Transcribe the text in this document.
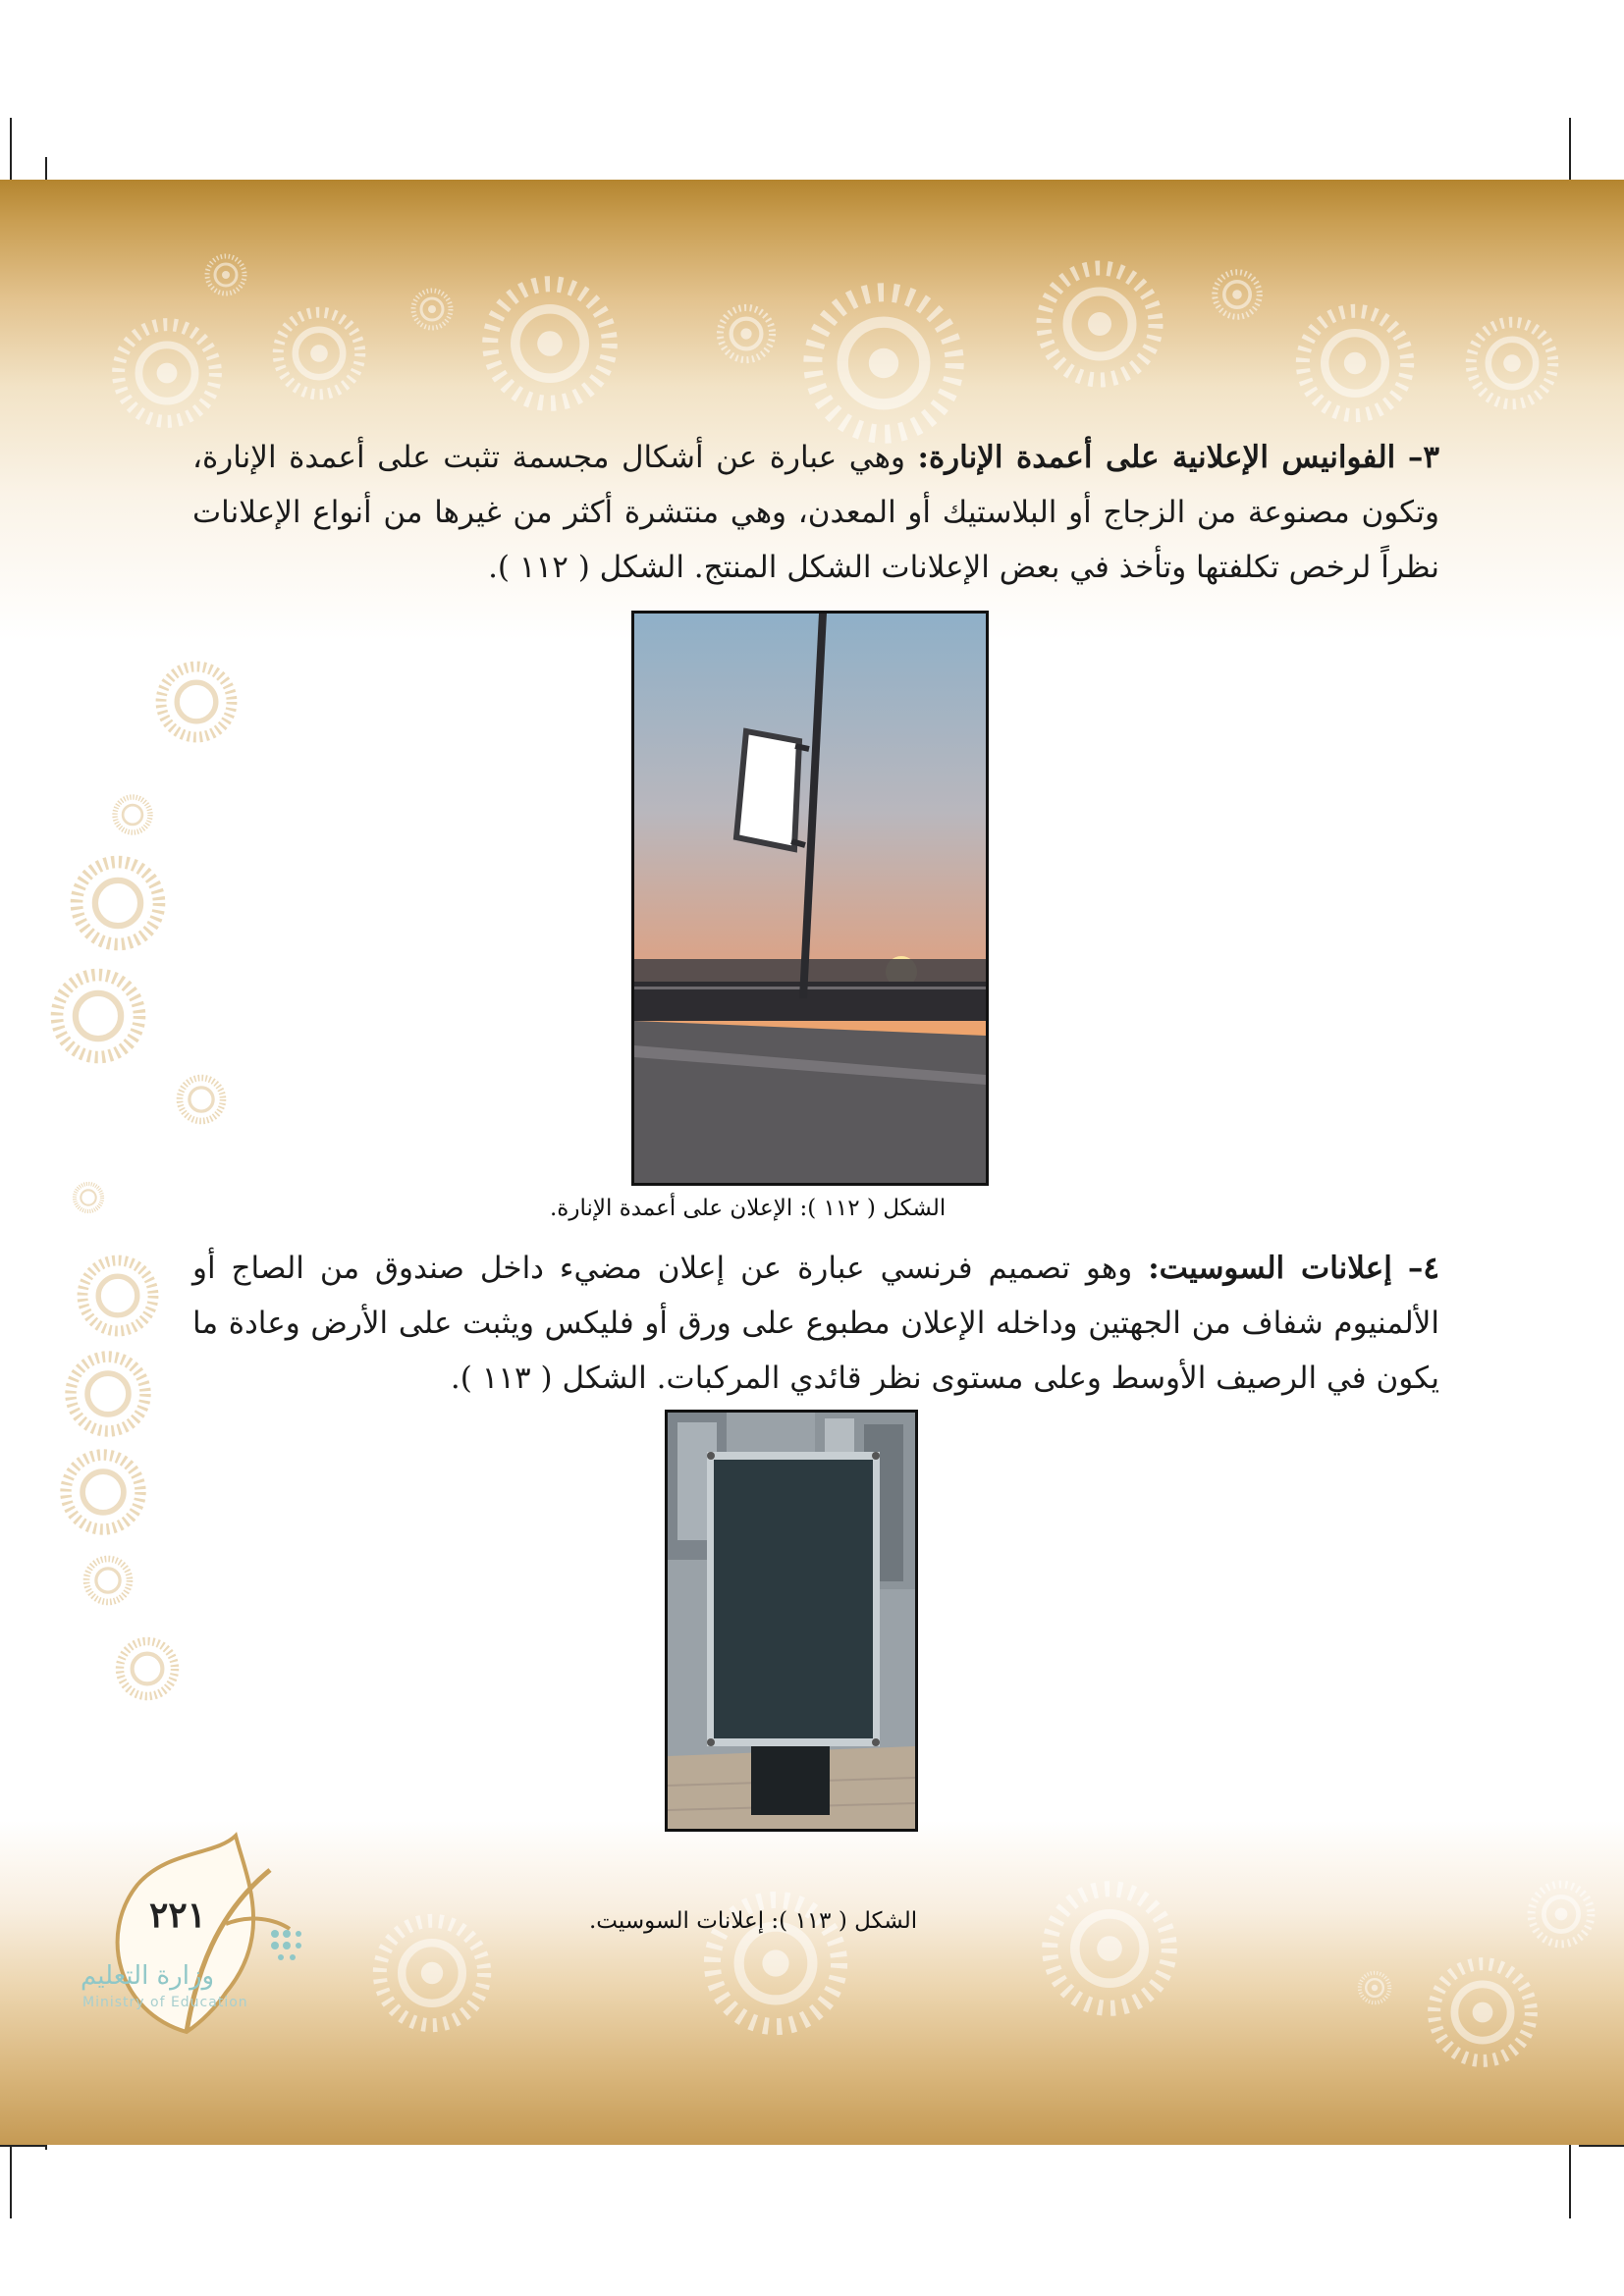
٣– الفوانيس الإعلانية على أعمدة الإنارة: وهي عبارة عن أشكال مجسمة تثبت على أعمدة الإنارة، وتكون مصنوعة من الزجاج أو البلاستيك أو المعدن، وهي منتشرة أكثر من غيرها من أنواع الإعلانات نظراً لرخص تكلفتها وتأخذ في بعض الإعلانات الشكل المنتج. الشكل ( ١١٢ ).

الشكل ( ١١٢ ): الإعلان على أعمدة الإنارة.

٤– إعلانات السوسيت: وهو تصميم فرنسي عبارة عن إعلان مضيء داخل صندوق من الصاج أو الألمنيوم شفاف من الجهتين وداخله الإعلان مطبوع على ورق أو فليكس ويثبت على الأرض وعادة ما يكون في الرصيف الأوسط وعلى مستوى نظر قائدي المركبات. الشكل ( ١١٣ ).

الشكل ( ١١٣ ): إعلانات السوسيت.
٢٢١
وزارة التعليم
Ministry of Education
